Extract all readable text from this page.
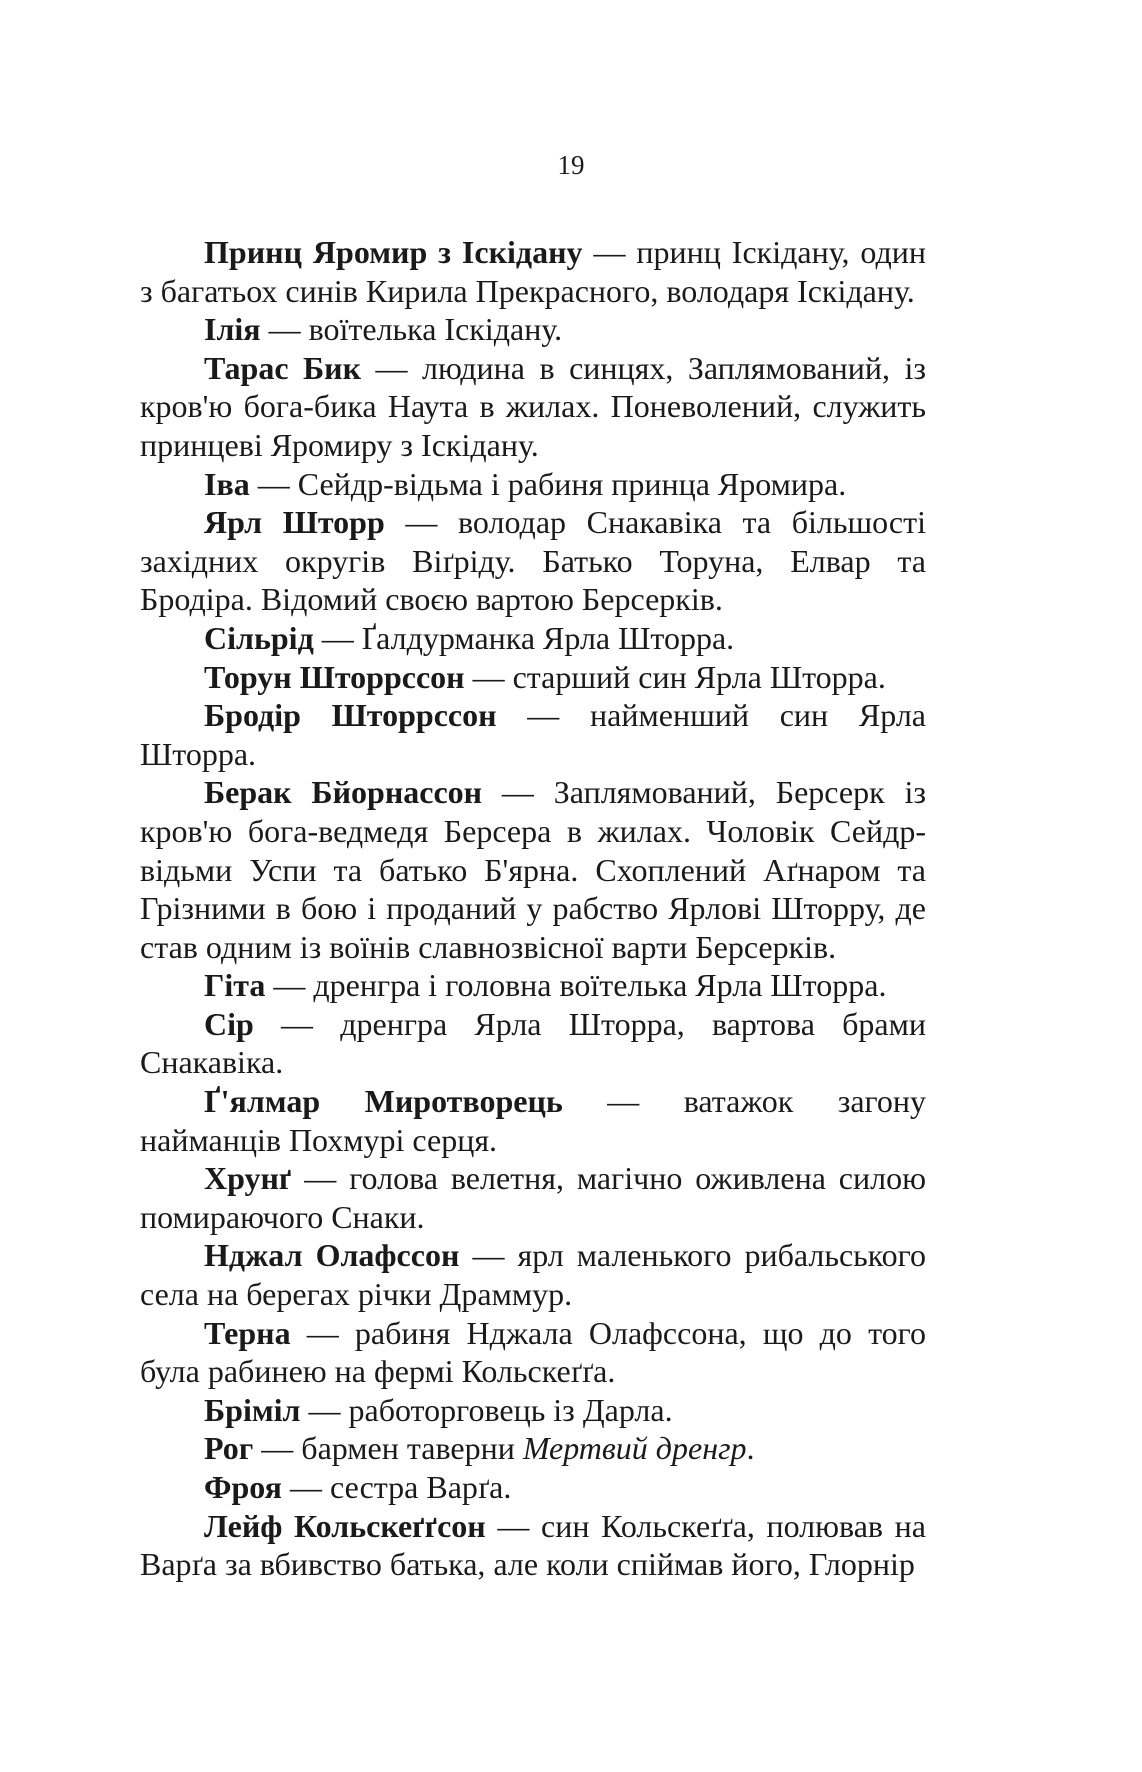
19

Принц Яромир з Іскідану — принц Іскідану, один з багатьох синів Кирила Прекрасного, володаря Іскідану.

Ілія — воїтелька Іскідану.

Тарас Бик — людина в синцях, Заплямований, із кров'ю бога-бика Наута в жилах. Поневолений, служить принцеві Яромиру з Іскідану.

Іва — Сейдр-відьма і рабиня принца Яромира.

Ярл Шторр — володар Снакавіка та більшості західних округів Віґріду. Батько Торуна, Елвар та Бродіра. Відомий своєю вартою Берсерків.

Сільрід — Ґалдурманка Ярла Шторра.

Торун Шторрссон — старший син Ярла Шторра.

Бродір Шторрссон — найменший син Ярла Шторра.

Берак Бйорнассон — Заплямований, Берсерк із кров'ю бога-ведмедя Берсера в жилах. Чоловік Сейдр-відьми Успи та батько Б'ярна. Схоплений Аґнаром та Грізними в бою і проданий у рабство Ярлові Шторру, де став одним із воїнів славнозвісної варти Берсерків.

Гіта — дренгра і головна воїтелька Ярла Шторра.

Сір — дренгра Ярла Шторра, вартова брами Снакавіка.

Ґ'ялмар Миротворець — ватажок загону найманців Похмурі серця.

Хрунґ — голова велетня, магічно оживлена силою помираючого Снаки.

Нджал Олафссон — ярл маленького рибальського села на берегах річки Драммур.

Терна — рабиня Нджала Олафссона, що до того була рабинею на фермі Кольскеґґа.

Бріміл — работорговець із Дарла.

Рог — бармен таверни Мертвий дренгр.

Фроя — сестра Варґа.

Лейф Кольскеґґсон — син Кольскеґґа, полював на Варґа за вбивство батька, але коли спіймав його, Глорнір
